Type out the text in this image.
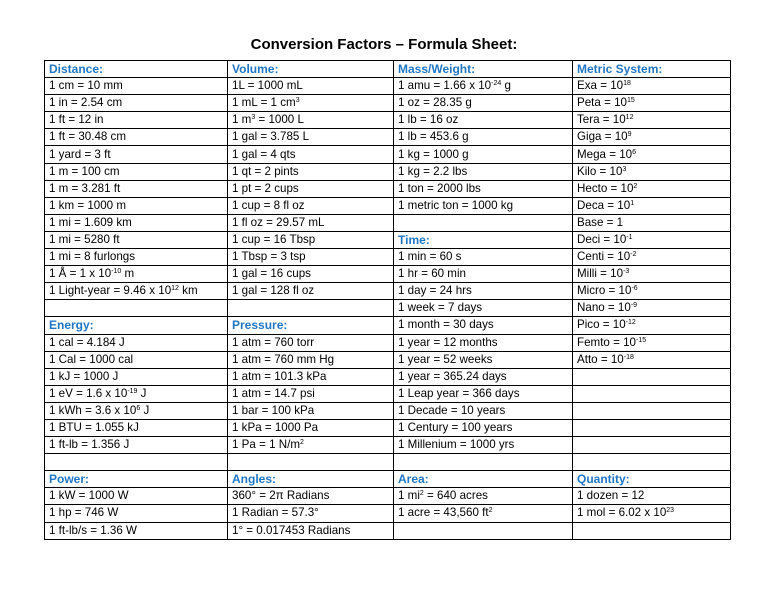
Conversion Factors – Formula Sheet:
Distance:	Volume:	Mass/Weight:	Metric System:
1 cm = 10 mm	1L = 1000 mL	1 amu = 1.66 x $10^{-24}$ g	Exa = $10^{18}$
1 in = 2.54 cm	1 mL = 1 $cm^3$	1 oz = 28.35 g	Peta = $10^{15}$
1 ft = 12 in	1 $m^3 = 1000$ L	1 lb = 16 oz	Tera = $10^{12}$
1 ft = 30.48 cm	1 gal = 3.785 L	1 lb = 453.6 g	Giga = $10^9$
1 yard = 3 ft	1 gal = 4 qts	1 kg = 1000 g	Mega = $10^6$
1 m = 100 cm	1 qt = 2 pints	1 kg = 2.2 lbs	Kilo = $10^3$
1 m = 3.281 ft	1 pt = 2 cups	1 ton = 2000 lbs	Hecto = $10^2$
1 km = 1000 m	1 cup = 8 fl oz	1 metric ton = 1000 kg	Deca = $10^1$
1 mi = 1.609 km	1 fl oz = 29.57 mL		Base = 1
1 mi = 5280 ft	1 cup = 16 Tbsp	Time:	Deci = $10^{-1}$
1 mi = 8 furlongs	1 Tbsp = 3 tsp	1 min = 60 s	Centi = $10^{-2}$
1 Å = 1 x $10^{-10}$ m	1 gal = 16 cups	1 hr = 60 min	Milli = $10^{-3}$
1 Light-year = 9.46 x $10^{12}$ km	1 gal = 128 fl oz	1 day = 24 hrs	Micro = $10^{-6}$
		1 week = 7 days	Nano = $10^{-9}$
Energy:	Pressure:	1 month = 30 days	Pico = $10^{-12}$
1 cal = 4.184 J	1 atm = 760 torr	1 year = 12 months	Femto = $10^{-15}$
1 Cal = 1000 cal	1 atm = 760 mm Hg	1 year = 52 weeks	Atto = $10^{-18}$
1 kJ = 1000 J	1 atm = 101.3 kPa	1 year = 365.24 days	
1 eV = 1.6 x $10^{-19}$ J	1 atm = 14.7 psi	1 Leap year = 366 days	
1 kWh = 3.6 x $10^6$ J	1 bar = 100 kPa	1 Decade = 10 years	
1 BTU = 1.055 kJ	1 kPa = 1000 Pa	1 Century = 100 years	
1 ft-lb = 1.356 J	1 Pa = 1 $N/m^2$	1 Millenium = 1000 yrs	

Power:	Angles:	Area:	Quantity:
1 kW = 1000 W	360° = 2π Radians	1 $mi^2 = 640$ acres	1 dozen = 12
1 hp = 746 W	1 Radian = 57.3°	1 acre = 43,560 $ft^2$	1 mol = 6.02 x $10^{23}$
1 ft-lb/s = 1.36 W	1° = 0.017453 Radians		
